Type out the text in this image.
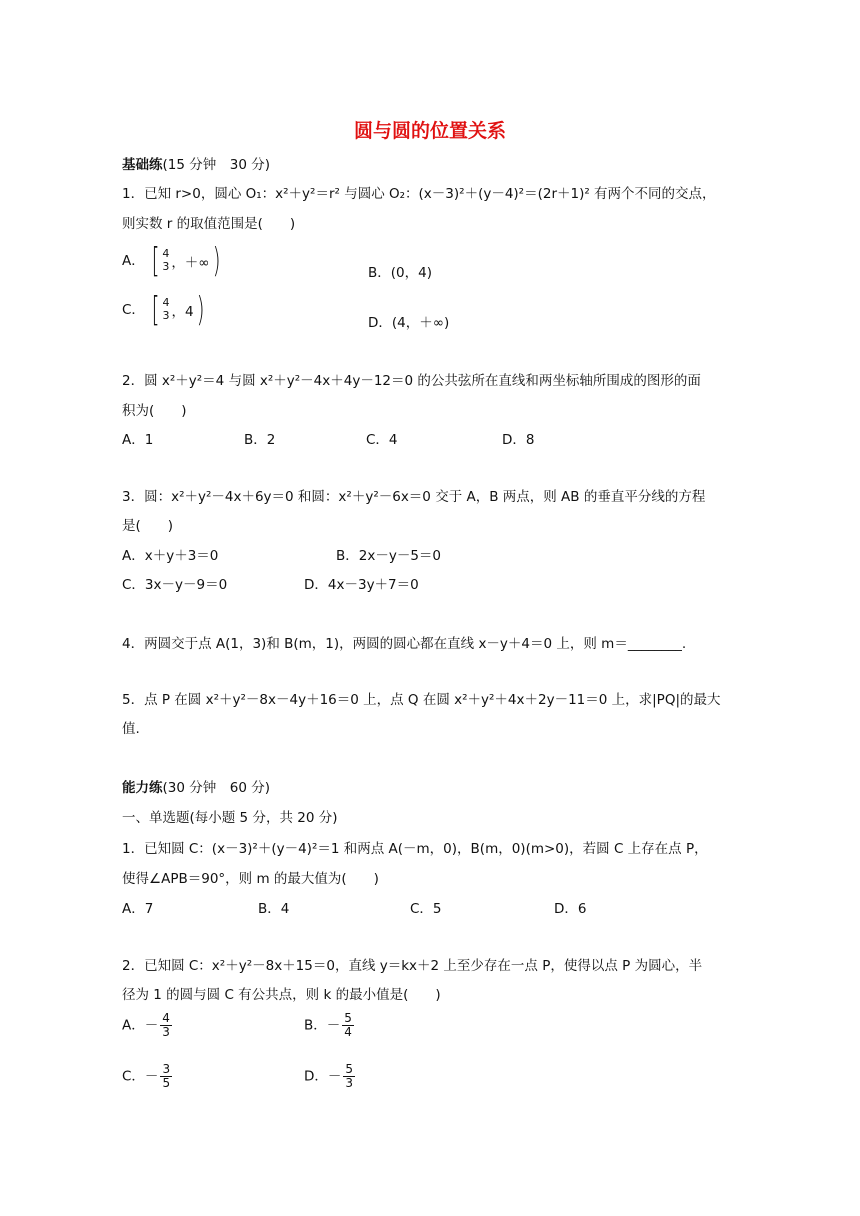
圆与圆的位置关系
基础练(15 分钟　30 分)
1．已知 r>0，圆心 O₁：x²＋y²＝r² 与圆心 O₂：(x－3)²＋(y－4)²＝(2r＋1)² 有两个不同的交点，
则实数 r 的取值范围是(　　)
A． [ 4
3 ，＋∞ )	B．(0，4)
C． [ 4
3 ，4 )	D．(4，＋∞)
2．圆 x²＋y²＝4 与圆 x²＋y²－4x＋4y－12＝0 的公共弦所在直线和两坐标轴所围成的图形的面
积为(　　)
A．1	B．2	C．4	D．8
3．圆：x²＋y²－4x＋6y＝0 和圆：x²＋y²－6x＝0 交于 A，B 两点，则 AB 的垂直平分线的方程
是(　　)
A．x＋y＋3＝0	B．2x－y－5＝0
C．3x－y－9＝0	D．4x－3y＋7＝0
4．两圆交于点 A(1，3)和 B(m，1)，两圆的圆心都在直线 x－y＋4＝0 上，则 m＝________.
5．点 P 在圆 x²＋y²－8x－4y＋16＝0 上，点 Q 在圆 x²＋y²＋4x＋2y－11＝0 上，求|PQ|的最大
值.
能力练(30 分钟　60 分)
一、单选题(每小题 5 分，共 20 分)
1．已知圆 C：(x－3)²＋(y－4)²＝1 和两点 A(－m，0)，B(m，0)(m>0)，若圆 C 上存在点 P，
使得∠APB＝90°，则 m 的最大值为(　　)
A．7	B．4	C．5	D．6
2．已知圆 C：x²＋y²－8x＋15＝0，直线 y＝kx＋2 上至少存在一点 P，使得以点 P 为圆心，半
径为 1 的圆与圆 C 有公共点，则 k 的最小值是(　　)
A．－ $\frac{4}{3}$	B．－ $\frac{5}{4}$
C．－ $\frac{3}{5}$	D．－ $\frac{5}{3}$
